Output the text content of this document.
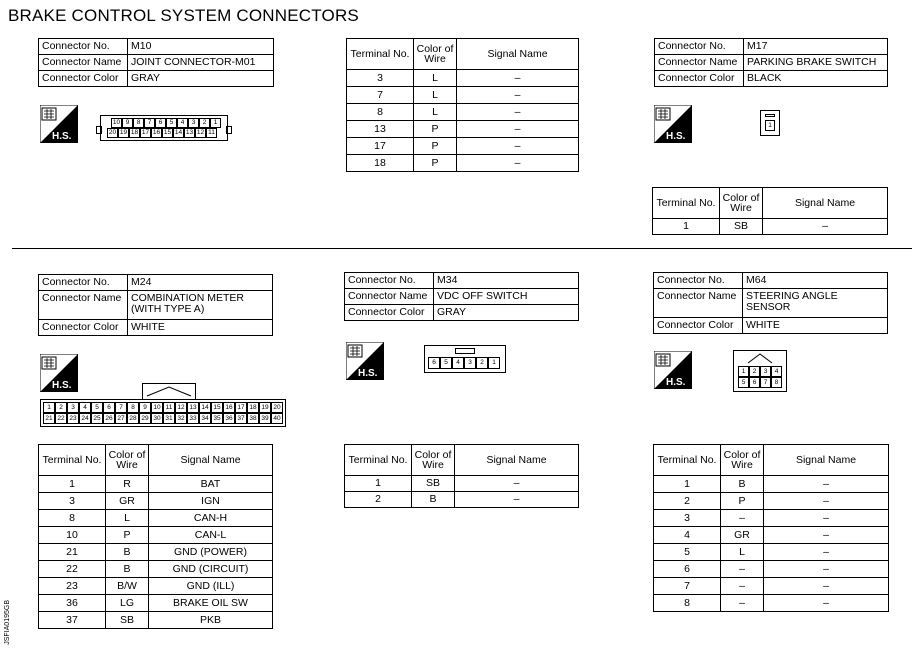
BRAKE CONTROL SYSTEM CONNECTORS
JSFIA0195GB
Connector No.	M10
Connector Name	JOINT CONNECTOR-M01
Connector Color	GRAY
H.S.
10 9	8	7	6	5	4	3	2	1
20 19 18 17 16 15 14 13 12 11
Terminal No.	Color of Wire	Signal Name
3	L	–
7	L	–
8	L	–
13	P	–
17	P	–
18	P	–
Connector No.	M17
Connector Name	PARKING BRAKE SWITCH
Connector Color	BLACK
H.S.
1
Terminal No.	Color of Wire	Signal Name
1	SB	–
Connector No.	M24
Connector Name	COMBINATION METER (WITH TYPE A)
Connector Color	WHITE
H.S.
1	2	3	4	5	6	7	8	9	10 11 12 13 14 15 16 17 18 19 20
21 22 23 24 25 26 27 28 29 30 31 32 33 34 35 36 37 38 39 40
Terminal No.	Color of Wire	Signal Name
1	R	BAT
3	GR	IGN
8	L	CAN-H
10	P	CAN-L
21	B	GND (POWER)
22	B	GND (CIRCUIT)
23	B/W	GND (ILL)
36	LG	BRAKE OIL SW
37	SB	PKB
Connector No.	M34
Connector Name	VDC OFF SWITCH
Connector Color	GRAY
H.S.
6	5	4	3	2	1
Terminal No.	Color of Wire	Signal Name
1	SB	–
2	B	–
Connector No.	M64
Connector Name	STEERING ANGLE SENSOR
Connector Color	WHITE
H.S.
1	2	3	4
5	6	7	8
Terminal No.	Color of Wire	Signal Name
1	B	–
2	P	–
3	–	–
4	GR	–
5	L	–
6	–	–
7	–	–
8	–	–
